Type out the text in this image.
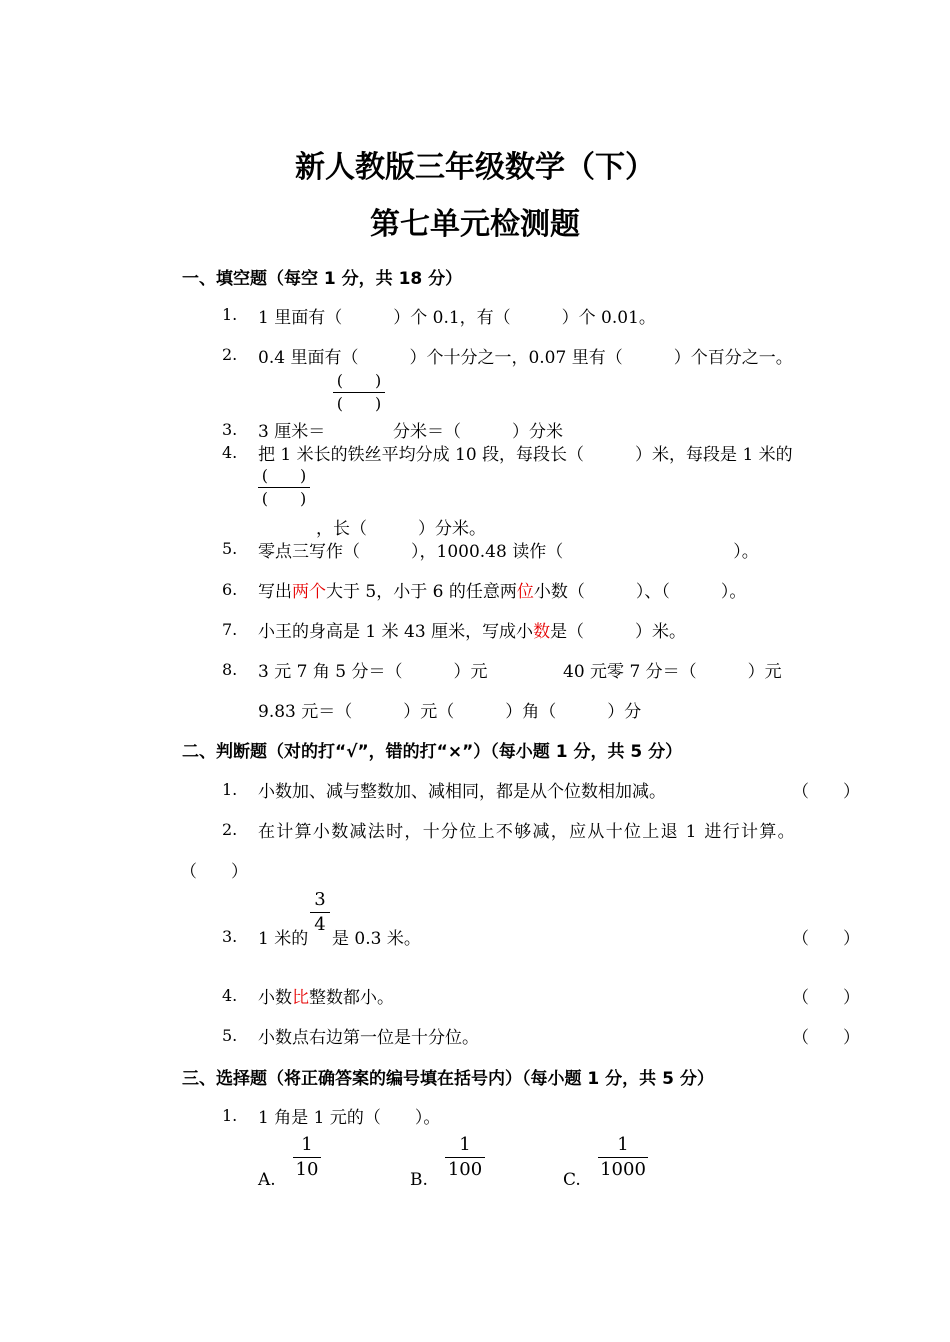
新人教版三年级数学（下）
第七单元检测题
一、填空题（每空 1 分，共 18 分）
1. 1 里面有（　　　）个 0.1，有（　　　）个 0.01。
2. 0.4 里面有（　　　）个十分之一，0.07 里有（　　　）个百分之一。
(　　)
(　　)
3. 3 厘米＝	分米＝（　　　）分米
4. 把 1 米长的铁丝平均分成 10 段，每段长（　　　）米，每段是 1 米的
(　　)
(　　)
，长（　　　）分米。
5. 零点三写作（　　　），1000.48 读作（　　　　　　　　　　）。
6. 写出两个大于 5，小于 6 的任意两位小数（　　　）、（　　　）。
7. 小王的身高是 1 米 43 厘米，写成小数是（　　　）米。
8. 3 元 7 角 5 分＝（　　　）元	40 元零 7 分＝（　　　）元
9.83 元＝（　　　）元（　　　）角（　　　）分
二、判断题（对的打“√”，错的打“×”）（每小题 1 分，共 5 分）
1. 小数加、减与整数加、减相同，都是从个位数相加减。	（　　）
2. 在计算小数减法时，十分位上不够减，应从十位上退 1 进行计算。
（　　）
3. 1 米的
$\frac{3}{4}$
是 0.3 米。	（　　）
4. 小数比整数都小。	（　　）
5. 小数点右边第一位是十分位。	（　　）
三、选择题（将正确答案的编号填在括号内）（每小题 1 分，共 5 分）
1. 1 角是 1 元的（　　）。
A. $\frac{1}{10}$	B. $\frac{1}{100}$	C. $\frac{1}{1000}$
